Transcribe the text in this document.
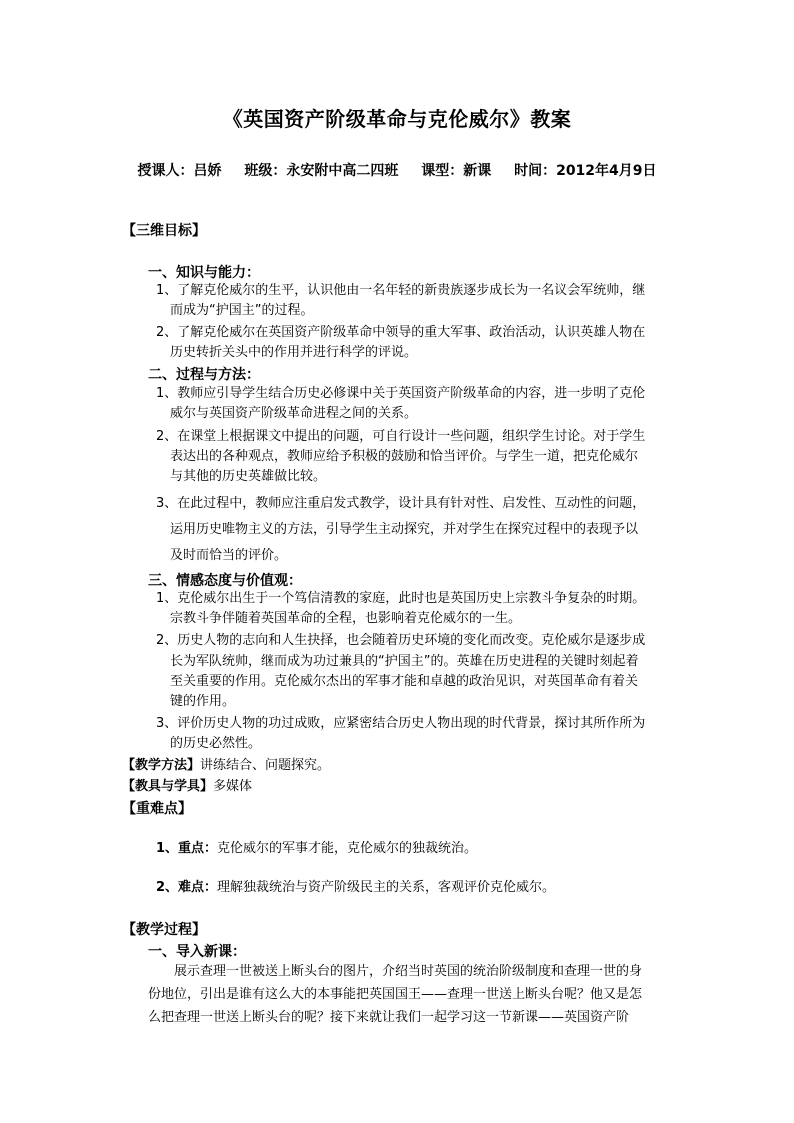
《英国资产阶级革命与克伦威尔》教案
授课人：吕娇 班级：永安附中高二四班 课型：新课 时间：2012年4月9日
【三维目标】
一、知识与能力：
1、了解克伦威尔的生平，认识他由一名年轻的新贵族逐步成长为一名议会军统帅，继
而成为“护国主”的过程。
2、了解克伦威尔在英国资产阶级革命中领导的重大军事、政治活动，认识英雄人物在
历史转折关头中的作用并进行科学的评说。
二、过程与方法：
1、教师应引导学生结合历史必修课中关于英国资产阶级革命的内容，进一步明了克伦
威尔与英国资产阶级革命进程之间的关系。
2、在课堂上根据课文中提出的问题，可自行设计一些问题，组织学生讨论。对于学生
表达出的各种观点，教师应给予积极的鼓励和恰当评价。与学生一道，把克伦威尔
与其他的历史英雄做比较。
3、在此过程中，教师应注重启发式教学，设计具有针对性、启发性、互动性的问题，
运用历史唯物主义的方法，引导学生主动探究，并对学生在探究过程中的表现予以
及时而恰当的评价。
三、情感态度与价值观：
1、克伦威尔出生于一个笃信清教的家庭，此时也是英国历史上宗教斗争复杂的时期。
宗教斗争伴随着英国革命的全程，也影响着克伦威尔的一生。
2、历史人物的志向和人生抉择，也会随着历史环境的变化而改变。克伦威尔是逐步成
长为军队统帅，继而成为功过兼具的“护国主”的。英雄在历史进程的关键时刻起着
至关重要的作用。克伦威尔杰出的军事才能和卓越的政治见识，对英国革命有着关
键的作用。
3、评价历史人物的功过成败，应紧密结合历史人物出现的时代背景，探讨其所作所为
的历史必然性。
【教学方法】讲练结合、问题探究。
【教具与学具】多媒体
【重难点】
1、重点：克伦威尔的军事才能，克伦威尔的独裁统治。
2、难点：理解独裁统治与资产阶级民主的关系，客观评价克伦威尔。
【教学过程】
一、导入新课：
展示查理一世被送上断头台的图片，介绍当时英国的统治阶级制度和查理一世的身
份地位，引出是谁有这么大的本事能把英国国王——查理一世送上断头台呢？他又是怎
么把查理一世送上断头台的呢？接下来就让我们一起学习这一节新课——英国资产阶
